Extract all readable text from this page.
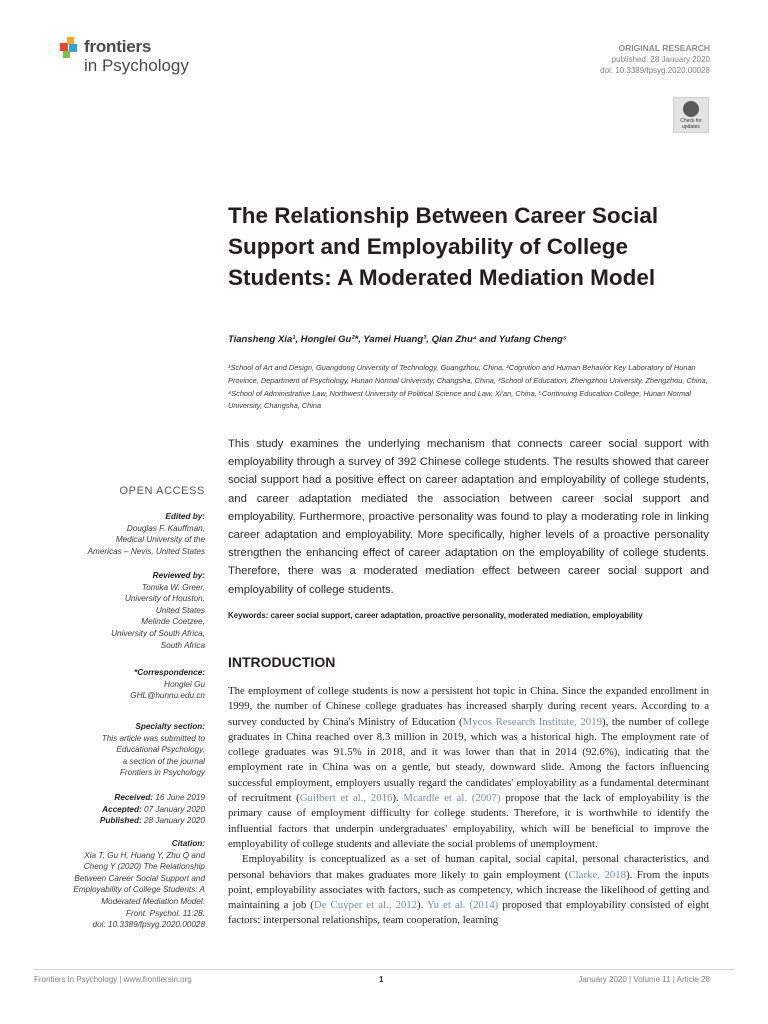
frontiers
in Psychology
ORIGINAL RESEARCH
published: 28 January 2020
doi: 10.3389/fpsyg.2020.00028
Check for
updates
The Relationship Between Career Social Support and Employability of College Students: A Moderated Mediation Model
Tiansheng Xia¹, Honglei Gu²*, Yamei Huang³, Qian Zhu⁴ and Yufang Cheng⁵
¹School of Art and Design, Guangdong University of Technology, Guangzhou, China, ²Cognition and Human Behavior Key Laboratory of Hunan Province, Department of Psychology, Hunan Normal University, Changsha, China, ³School of Education, Zhengzhou University, Zhengzhou, China, ⁴School of Administrative Law, Northwest University of Political Science and Law, Xi'an, China, ⁵Continuing Education College, Hunan Normal University, Changsha, China
This study examines the underlying mechanism that connects career social support with employability through a survey of 392 Chinese college students. The results showed that career social support had a positive effect on career adaptation and employability of college students, and career adaptation mediated the association between career social support and employability. Furthermore, proactive personality was found to play a moderating role in linking career adaptation and employability. More specifically, higher levels of a proactive personality strengthen the enhancing effect of career adaptation on the employability of college students. Therefore, there was a moderated mediation effect between career social support and employability of college students.
Keywords: career social support, career adaptation, proactive personality, moderated mediation, employability
INTRODUCTION

The employment of college students is now a persistent hot topic in China. Since the expanded enrollment in 1999, the number of Chinese college graduates has increased sharply during recent years. According to a survey conducted by China's Ministry of Education (Mycos Research Institute, 2019), the number of college graduates in China reached over 8.3 million in 2019, which was a historical high. The employment rate of college graduates was 91.5% in 2018, and it was lower than that in 2014 (92.6%), indicating that the employment rate in China was on a gentle, but steady, downward slide. Among the factors influencing successful employment, employers usually regard the candidates' employability as a fundamental determinant of recruitment (Guilbert et al., 2016). Mcardle et al. (2007) propose that the lack of employability is the primary cause of employment difficulty for college students. Therefore, it is worthwhile to identify the influential factors that underpin undergraduates' employability, which will be beneficial to improve the employability of college students and alleviate the social problems of unemployment.

Employability is conceptualized as a set of human capital, social capital, personal characteristics, and personal behaviors that makes graduates more likely to gain employment (Clarke, 2018). From the inputs point, employability associates with factors, such as competency, which increase the likelihood of getting and maintaining a job (De Cuyper et al., 2012). Yu et al. (2014) proposed that employability consisted of eight factors: interpersonal relationships, team cooperation, learning

OPEN ACCESS
Edited by:
Douglas F. Kauffman,
Medical University of the
Americas – Nevis, United States
Reviewed by:
Tomika W. Greer,
University of Houston,
United States
Melinde Coetzee,
University of South Africa,
South Africa
*Correspondence:
Honglei Gu
GHL@hunnu.edu.cn
Specialty section:
This article was submitted to
Educational Psychology,
a section of the journal
Frontiers in Psychology
Received: 16 June 2019
Accepted: 07 January 2020
Published: 28 January 2020
Citation:
Xia T, Gu H, Huang Y, Zhu Q and
Cheng Y (2020) The Relationship
Between Career Social Support and
Employability of College Students: A
Moderated Mediation Model.
Front. Psychol. 11:28.
doi: 10.3389/fpsyg.2020.00028
Frontiers in Psychology | www.frontiersin.org	1	January 2020 | Volume 11 | Article 28
